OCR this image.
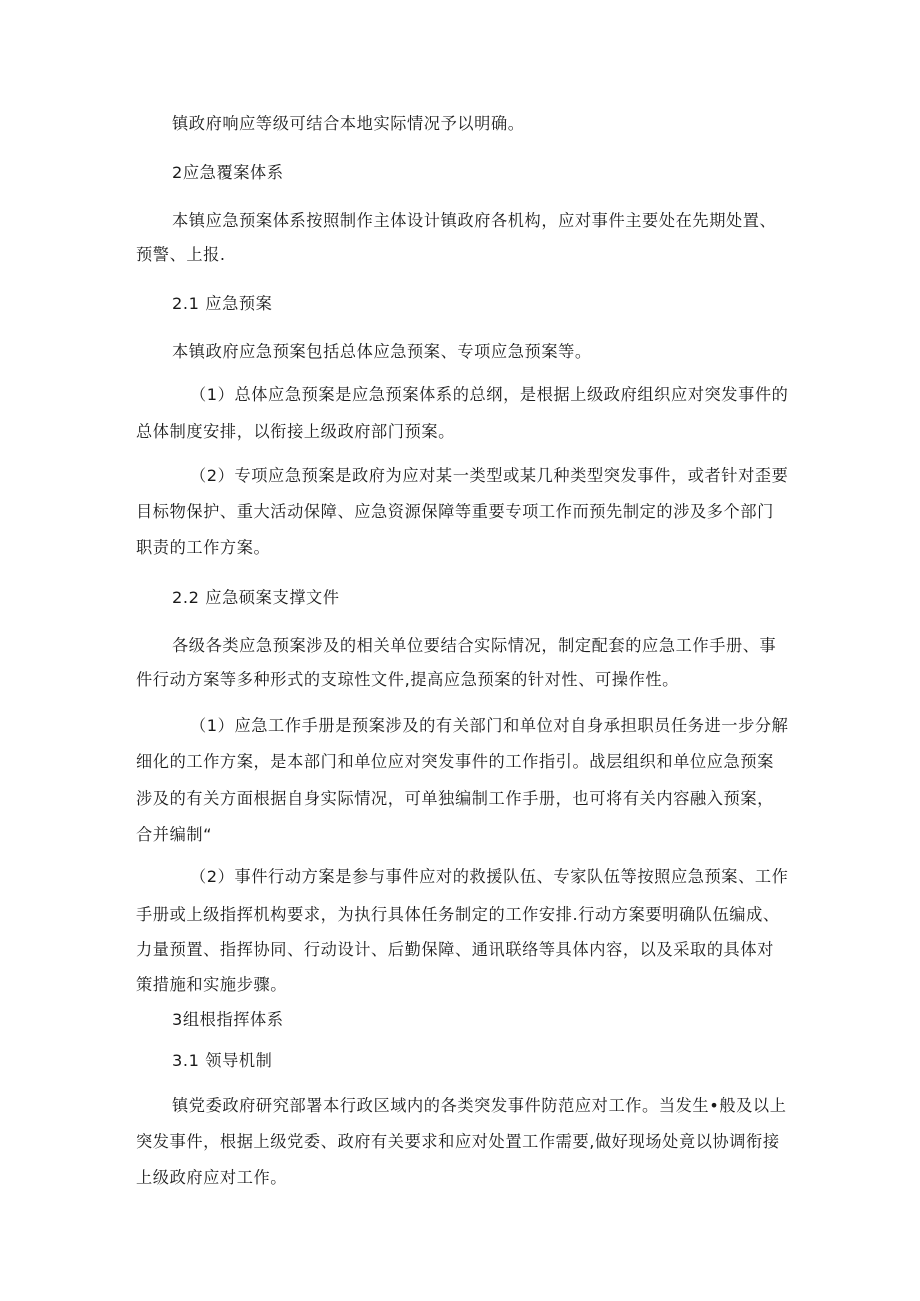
镇政府响应等级可结合本地实际情况予以明确。
2应急覆案体系
本镇应急预案体系按照制作主体设计镇政府各机构，应对事件主要处在先期处置、
预警、上报.
2.1 应急预案
本镇政府应急预案包括总体应急预案、专项应急预案等。
（1）总体应急预案是应急预案体系的总纲，是根据上级政府组织应对突发事件的
总体制度安排，以衔接上级政府部门预案。
（2）专项应急预案是政府为应对某一类型或某几种类型突发事件，或者针对歪要
目标物保护、重大活动保障、应急资源保障等重要专项工作而预先制定的涉及多个部门
职责的工作方案。
2.2 应急硕案支撑文件
各级各类应急预案涉及的相关单位要结合实际情况，制定配套的应急工作手册、事
件行动方案等多种形式的支琼性文件,提高应急预案的针对性、可操作性。
（1）应急工作手册是预案涉及的有关部门和单位对自身承担职员任务进一步分解
细化的工作方案，是本部门和单位应对突发事件的工作指引。战层组织和单位应急预案
涉及的有关方面根据自身实际情况，可单独编制工作手册，也可将有关内容融入预案，
合并编制“
（2）事件行动方案是参与事件应对的救援队伍、专家队伍等按照应急预案、工作
手册或上级指挥机构要求，为执行具体任务制定的工作安排.行动方案要明确队伍编成、
力量预置、指挥协同、行动设计、后勤保障、通讯联络等具体内容，以及采取的具体对
策措施和实施步骤。
3组根指挥体系
3.1 领导机制
镇党委政府研究部署本行政区域内的各类突发事件防范应对工作。当发生•般及以上
突发事件，根据上级党委、政府有关要求和应对处置工作需要,做好现场处竟以协调衔接
上级政府应对工作。
